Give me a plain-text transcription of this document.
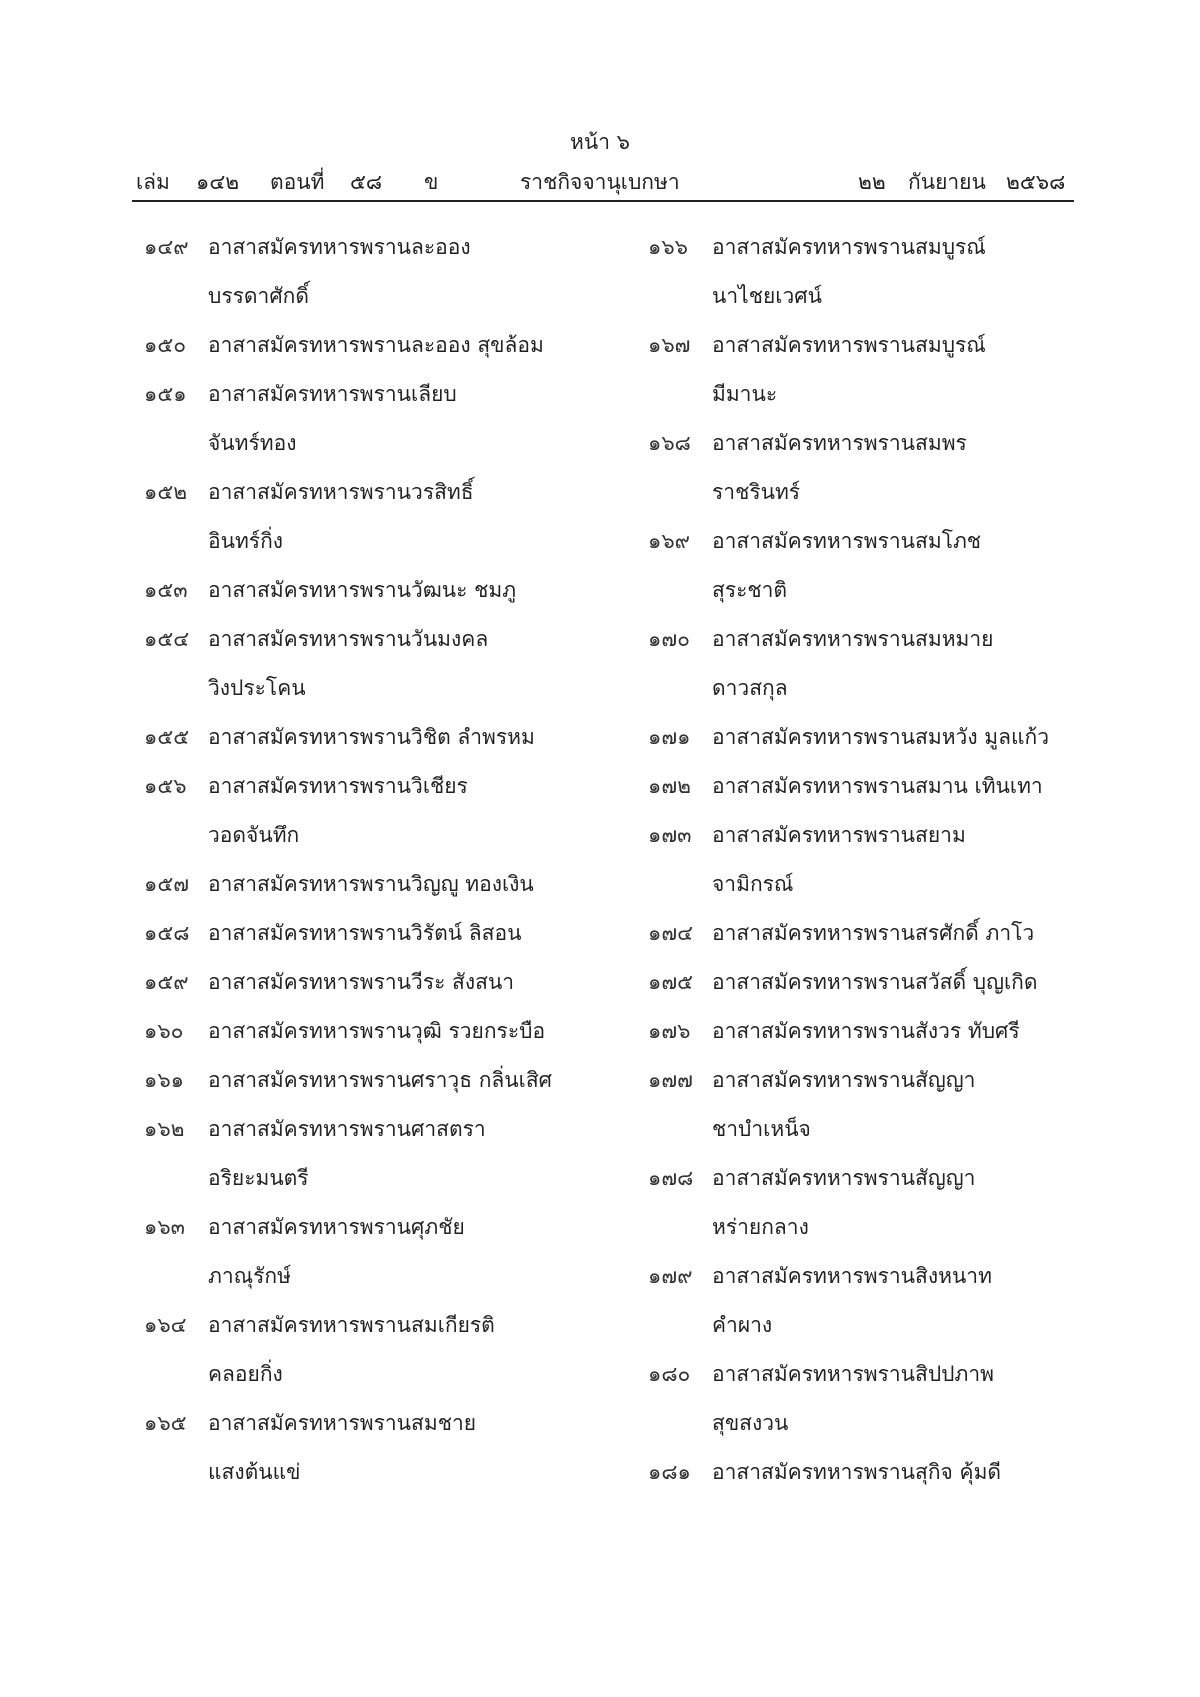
หน้า ๖
เล่ม ๑๔๒ ตอนที่ ๕๘ ข	ราชกิจจานุเบกษา	๒๒ กันยายน ๒๕๖๘
๑๔๙ อาสาสมัครทหารพรานละออง
บรรดาศักดิ์
๑๕๐	อาสาสมัครทหารพรานละออง สุขล้อม
๑๕๑	อาสาสมัครทหารพรานเลียบ
จันทร์ทอง
๑๕๒ อาสาสมัครทหารพรานวรสิทธิ์
อินทร์กิ่ง
๑๕๓ อาสาสมัครทหารพรานวัฒนะ ชมภู
๑๕๔ อาสาสมัครทหารพรานวันมงคล
วิงประโคน
๑๕๕ อาสาสมัครทหารพรานวิชิต ลำพรหม
๑๕๖	อาสาสมัครทหารพรานวิเชียร
วอดจันทึก
๑๕๗ อาสาสมัครทหารพรานวิญญู ทองเงิน
๑๕๘ อาสาสมัครทหารพรานวิรัตน์ ลิสอน
๑๕๙ อาสาสมัครทหารพรานวีระ สังสนา
๑๖๐	อาสาสมัครทหารพรานวุฒิ รวยกระบือ
๑๖๑	อาสาสมัครทหารพรานศราวุธ กลิ่นเสิศ
๑๖๒	อาสาสมัครทหารพรานศาสตรา
อริยะมนตรี
๑๖๓	อาสาสมัครทหารพรานศุภชัย
ภาณุรักษ์
๑๖๔	อาสาสมัครทหารพรานสมเกียรติ
คลอยกิ่ง
๑๖๕	อาสาสมัครทหารพรานสมชาย
แสงต้นแข่
๑๖๖	อาสาสมัครทหารพรานสมบูรณ์
นาไชยเวศน์
๑๖๗	อาสาสมัครทหารพรานสมบูรณ์
มีมานะ
๑๖๘	อาสาสมัครทหารพรานสมพร
ราชรินทร์
๑๖๙	อาสาสมัครทหารพรานสมโภช
สุระชาติ
๑๗๐	อาสาสมัครทหารพรานสมหมาย
ดาวสกุล
๑๗๑	อาสาสมัครทหารพรานสมหวัง มูลแก้ว
๑๗๒	อาสาสมัครทหารพรานสมาน เทินเทา
๑๗๓ อาสาสมัครทหารพรานสยาม
จามิกรณ์
๑๗๔ อาสาสมัครทหารพรานสรศักดิ์ ภาโว
๑๗๕ อาสาสมัครทหารพรานสวัสดิ์ บุญเกิด
๑๗๖	อาสาสมัครทหารพรานสังวร ทับศรี
๑๗๗ อาสาสมัครทหารพรานสัญญา
ชาบำเหน็จ
๑๗๘ อาสาสมัครทหารพรานสัญญา
หร่ายกลาง
๑๗๙ อาสาสมัครทหารพรานสิงหนาท
คำผาง
๑๘๐	อาสาสมัครทหารพรานสิปปภาพ
สุขสงวน
๑๘๑	อาสาสมัครทหารพรานสุกิจ คุ้มดี
